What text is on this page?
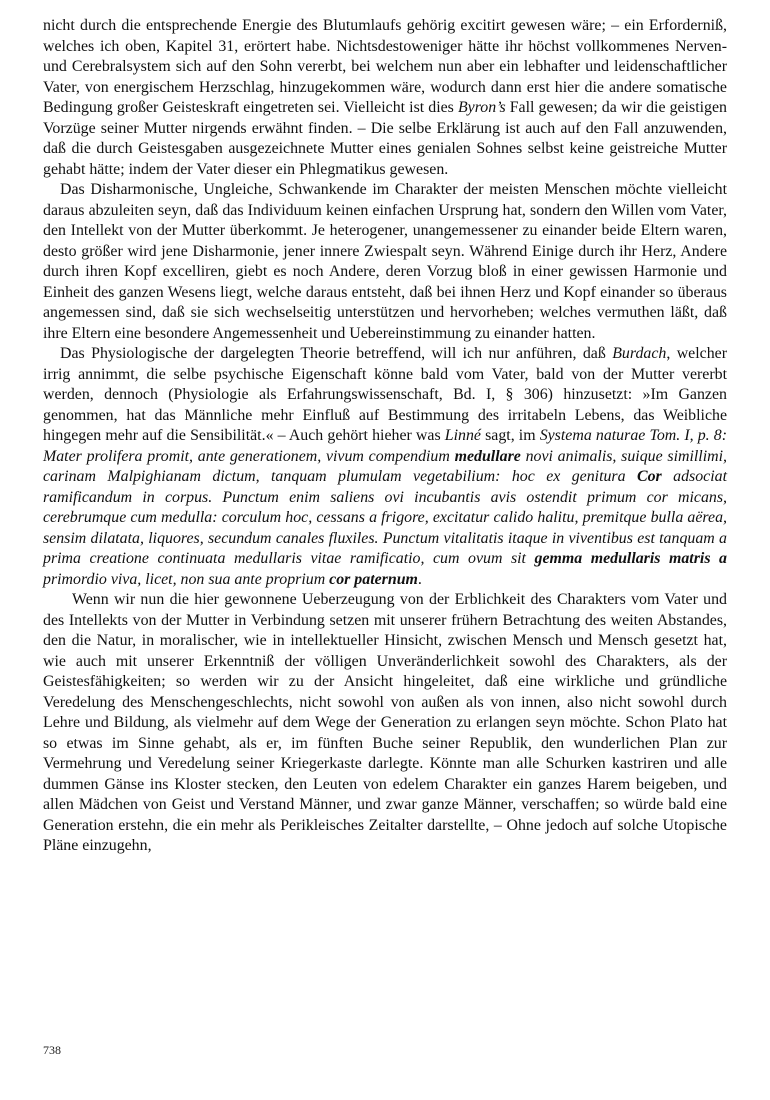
nicht durch die entsprechende Energie des Blutumlaufs gehörig excitirt gewesen wäre; – ein Erforderniß, welches ich oben, Kapitel 31, erörtert habe. Nichtsdestoweniger hätte ihr höchst vollkommenes Nerven- und Cerebralsystem sich auf den Sohn vererbt, bei welchem nun aber ein lebhafter und leidenschaftlicher Vater, von energischem Herzschlag, hinzugekommen wäre, wodurch dann erst hier die andere somatische Bedingung großer Geisteskraft eingetreten sei. Vielleicht ist dies Byron’s Fall gewesen; da wir die geistigen Vorzüge seiner Mutter nirgends erwähnt finden. – Die selbe Erklärung ist auch auf den Fall anzuwenden, daß die durch Geistesgaben ausgezeichnete Mutter eines genialen Sohnes selbst keine geistreiche Mutter gehabt hätte; indem der Vater dieser ein Phlegmatikus gewesen.

Das Disharmonische, Ungleiche, Schwankende im Charakter der meisten Menschen möchte vielleicht daraus abzuleiten seyn, daß das Individuum keinen einfachen Ursprung hat, sondern den Willen vom Vater, den Intellekt von der Mutter überkommt. Je heterogener, unangemessener zu einander beide Eltern waren, desto größer wird jene Disharmonie, jener innere Zwiespalt seyn. Während Einige durch ihr Herz, Andere durch ihren Kopf excelliren, giebt es noch Andere, deren Vorzug bloß in einer gewissen Harmonie und Einheit des ganzen Wesens liegt, welche daraus entsteht, daß bei ihnen Herz und Kopf einander so überaus angemessen sind, daß sie sich wechselseitig unterstützen und hervorheben; welches vermuthen läßt, daß ihre Eltern eine besondere Angemessenheit und Uebereinstimmung zu einander hatten.

Das Physiologische der dargelegten Theorie betreffend, will ich nur anführen, daß Burdach, welcher irrig annimmt, die selbe psychische Eigenschaft könne bald vom Vater, bald von der Mutter vererbt werden, dennoch (Physiologie als Erfahrungswissenschaft, Bd. I, § 306) hinzusetzt: »Im Ganzen genommen, hat das Männliche mehr Einfluß auf Bestimmung des irritabeln Lebens, das Weibliche hingegen mehr auf die Sensibilität.« – Auch gehört hieher was Linné sagt, im Systema naturae Tom. I, p. 8: Mater prolifera promit, ante generationem, vivum compendium medullare novi animalis, suique simillimi, carinam Malpighianam dictum, tanquam plumulam vegetabilium: hoc ex genitura Cor adsociat ramificandum in corpus. Punctum enim saliens ovi incubantis avis ostendit primum cor micans, cerebrumque cum medulla: corculum hoc, cessans a frigore, excitatur calido halitu, premitque bulla aërea, sensim dilatata, liquores, secundum canales fluxiles. Punctum vitalitatis itaque in viventibus est tanquam a prima creatione continuata medullaris vitae ramificatio, cum ovum sit gemma medullaris matris a primordio viva, licet, non sua ante proprium cor paternum.

Wenn wir nun die hier gewonnene Ueberzeugung von der Erblichkeit des Charakters vom Vater und des Intellekts von der Mutter in Verbindung setzen mit unserer frühern Betrachtung des weiten Abstandes, den die Natur, in moralischer, wie in intellektueller Hinsicht, zwischen Mensch und Mensch gesetzt hat, wie auch mit unserer Erkenntniß der völligen Unveränderlichkeit sowohl des Charakters, als der Geistesfähigkeiten; so werden wir zu der Ansicht hingeleitet, daß eine wirkliche und gründliche Veredelung des Menschengeschlechts, nicht sowohl von außen als von innen, also nicht sowohl durch Lehre und Bildung, als vielmehr auf dem Wege der Generation zu erlangen seyn möchte. Schon Plato hat so etwas im Sinne gehabt, als er, im fünften Buche seiner Republik, den wunderlichen Plan zur Vermehrung und Veredelung seiner Kriegerkaste darlegte. Könnte man alle Schurken kastriren und alle dummen Gänse ins Kloster stecken, den Leuten von edelem Charakter ein ganzes Harem beigeben, und allen Mädchen von Geist und Verstand Männer, und zwar ganze Männer, verschaffen; so würde bald eine Generation erstehn, die ein mehr als Perikleisches Zeitalter darstellte, – Ohne jedoch auf solche Utopische Pläne einzugehn,

738
